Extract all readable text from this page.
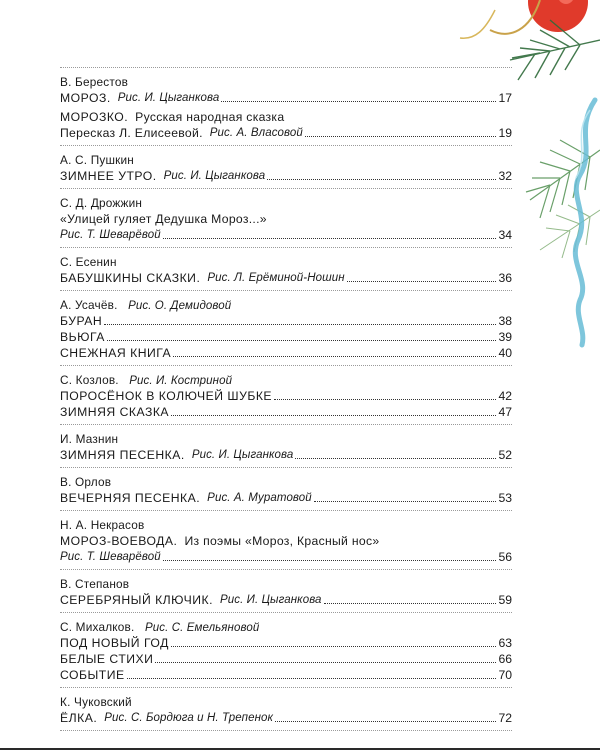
В. Берестов
МОРОЗ. Рис. И. Цыганкова	17
МОРОЗКО. Русская народная сказка
Пересказ Л. Елисеевой. Рис. А. Власовой	19
А. С. Пушкин
ЗИМНЕЕ УТРО. Рис. И. Цыганкова	32
С. Д. Дрожжин
«Улицей гуляет Дедушка Мороз...»
Рис. Т. Шеварёвой	34
С. Есенин
БАБУШКИНЫ СКАЗКИ. Рис. Л. Ерёминой-Ношин	36
А. Усачёв. Рис. О. Демидовой
БУРАН	38
ВЬЮГА	39
СНЕЖНАЯ КНИГА	40
С. Козлов. Рис. И. Костриной
ПОРОСЁНОК В КОЛЮЧЕЙ ШУБКЕ	42
ЗИМНЯЯ СКАЗКА	47
И. Мазнин
ЗИМНЯЯ ПЕСЕНКА. Рис. И. Цыганкова	52
В. Орлов
ВЕЧЕРНЯЯ ПЕСЕНКА. Рис. А. Муратовой	53
Н. А. Некрасов
МОРОЗ-ВОЕВОДА. Из поэмы «Мороз, Красный нос»
Рис. Т. Шеварёвой	56
В. Степанов
СЕРЕБРЯНЫЙ КЛЮЧИК. Рис. И. Цыганкова	59
С. Михалков. Рис. С. Емельяновой
ПОД НОВЫЙ ГОД	63
БЕЛЫЕ СТИХИ	66
СОБЫТИЕ	70
К. Чуковский
ЁЛКА. Рис. С. Бордюга и Н. Трепенок	72
